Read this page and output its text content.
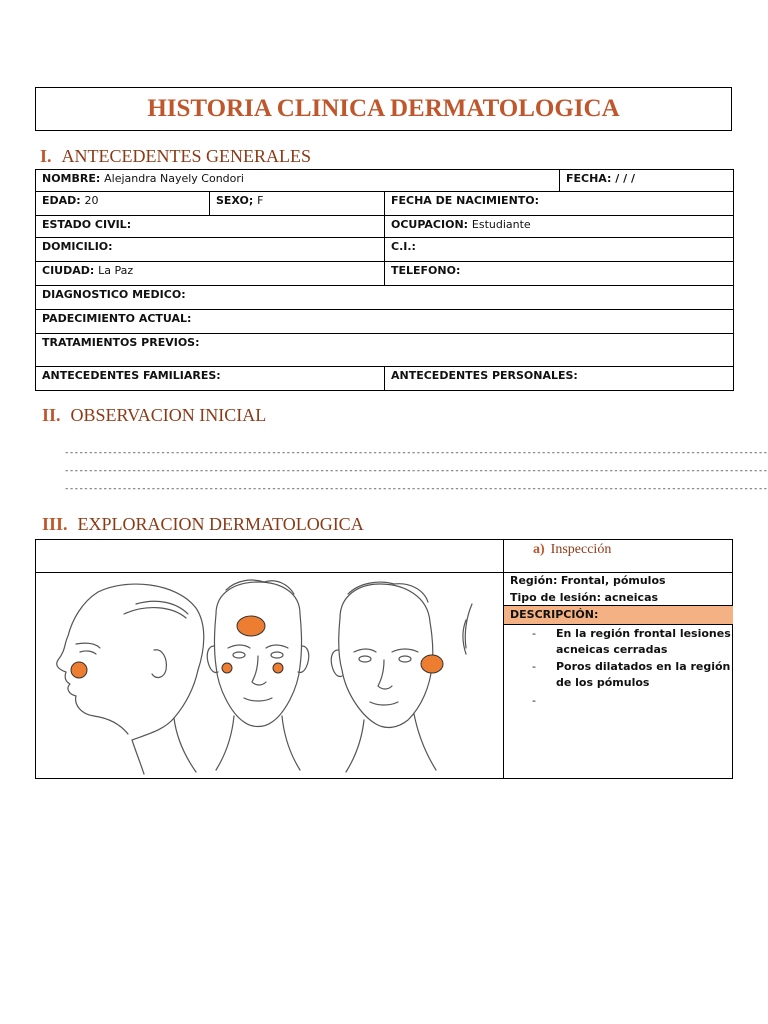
HISTORIA CLINICA DERMATOLOGICA
I. ANTECEDENTES GENERALES
NOMBRE: Alejandra Nayely Condori			FECHA: / / /
EDAD: 20	SEXO; F	FECHA DE NACIMIENTO:	
ESTADO CIVIL:		OCUPACION: Estudiante	
DOMICILIO:		C.I.:	
CIUDAD: La Paz		TELEFONO:	
DIAGNOSTICO MEDICO:			
PADECIMIENTO ACTUAL:			
TRATAMIENTOS PREVIOS:			
ANTECEDENTES FAMILIARES:		ANTECEDENTES PERSONALES:	
II. OBSERVACION INICIAL
--------------------------------------------------------------------------------------------------------------------------------------------------
--------------------------------------------------------------------------------------------------------------------------------------------------
--------------------------------------------------------------------------------------------------------------------------------------------------
III. EXPLORACION DERMATOLOGICA
a) Inspección
Región: Frontal, pómulos
Tipo de lesión: acneicas
DESCRIPCIÓN:
- En la región frontal lesiones
acneicas cerradas
- Poros dilatados en la región
de los pómulos
-
